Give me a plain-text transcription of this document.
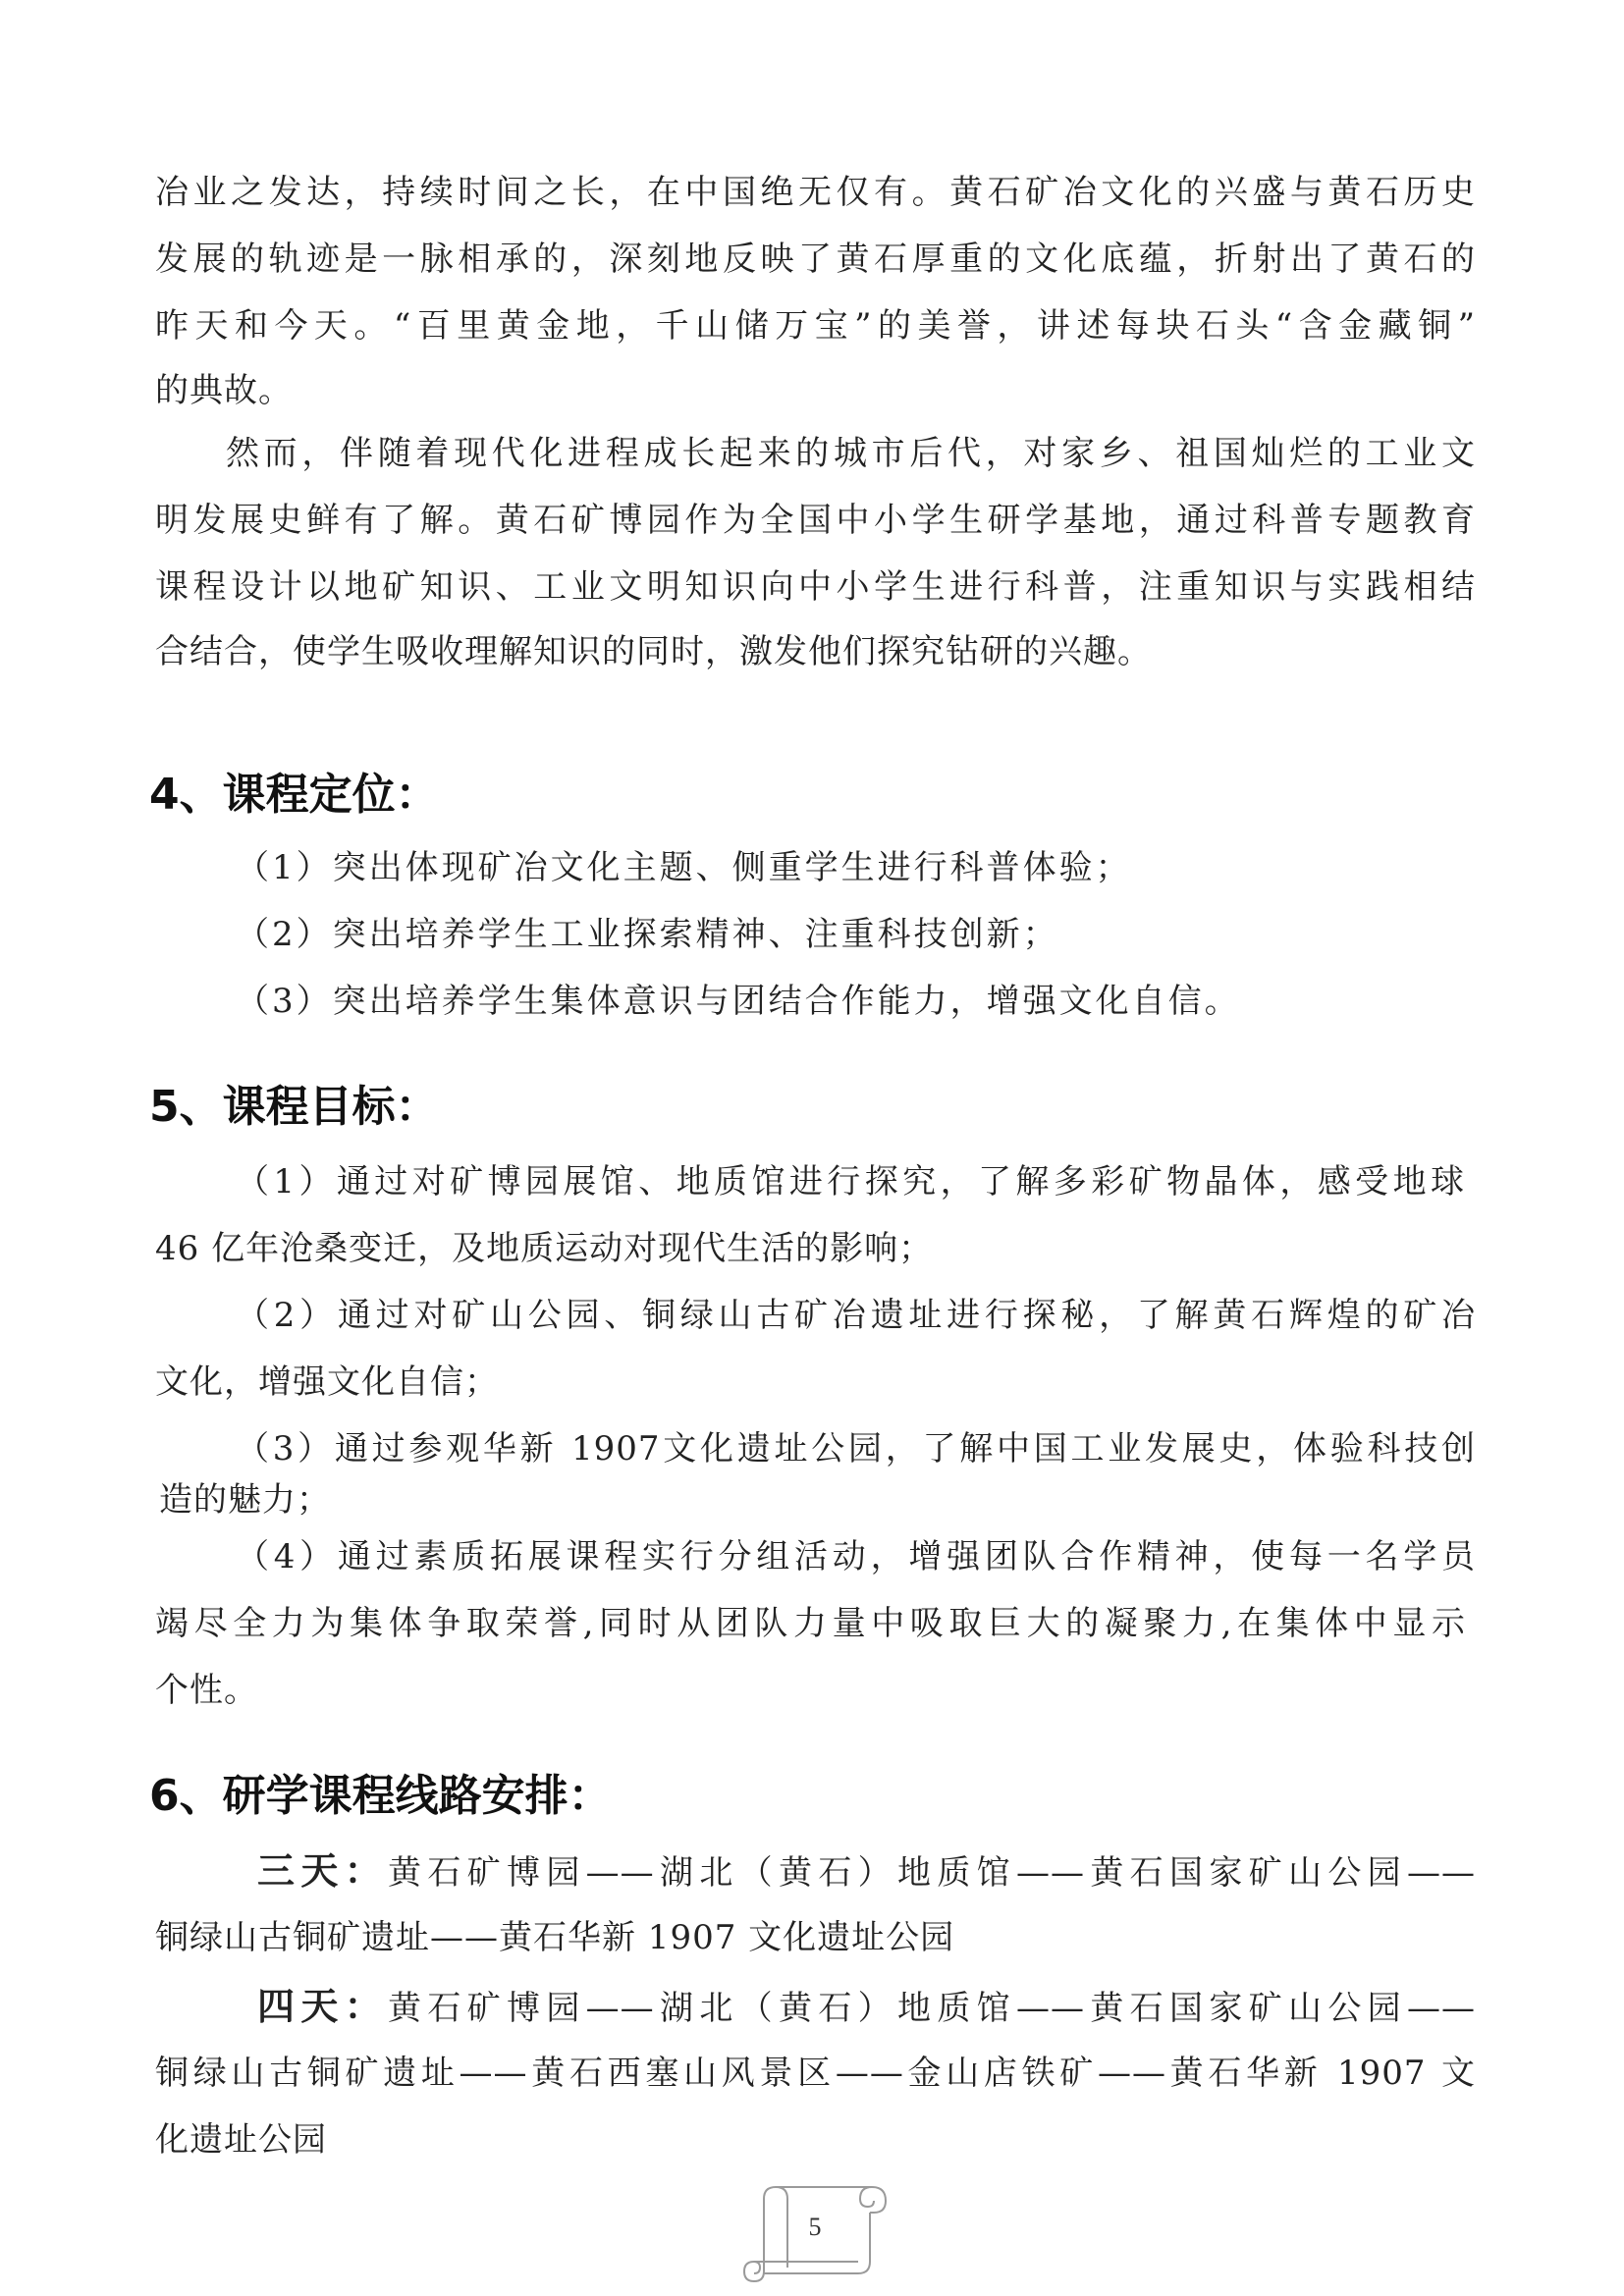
冶业之发达，持续时间之长，在中国绝无仅有。黄石矿冶文化的兴盛与黄石历史
发展的轨迹是一脉相承的，深刻地反映了黄石厚重的文化底蕴，折射出了黄石的
昨天和今天。“百里黄金地，千山储万宝”的美誉，讲述每块石头“含金藏铜”
的典故。
然而，伴随着现代化进程成长起来的城市后代，对家乡、祖国灿烂的工业文
明发展史鲜有了解。黄石矿博园作为全国中小学生研学基地，通过科普专题教育
课程设计以地矿知识、工业文明知识向中小学生进行科普，注重知识与实践相结
合结合，使学生吸收理解知识的同时，激发他们探究钻研的兴趣。
4、课程定位：
（1）突出体现矿冶文化主题、侧重学生进行科普体验；
（2）突出培养学生工业探索精神、注重科技创新；
（3）突出培养学生集体意识与团结合作能力，增强文化自信。
5、课程目标：
（1）通过对矿博园展馆、地质馆进行探究，了解多彩矿物晶体，感受地球
46 亿年沧桑变迁，及地质运动对现代生活的影响；
（2）通过对矿山公园、铜绿山古矿冶遗址进行探秘，了解黄石辉煌的矿冶
文化，增强文化自信；
（3）通过参观华新 1907文化遗址公园，了解中国工业发展史，体验科技创
造的魅力；
（4）通过素质拓展课程实行分组活动，增强团队合作精神，使每一名学员
竭尽全力为集体争取荣誉,同时从团队力量中吸取巨大的凝聚力,在集体中显示
个性。
6、研学课程线路安排：
三天：黄石矿博园——湖北（黄石）地质馆——黄石国家矿山公园——
铜绿山古铜矿遗址——黄石华新 1907 文化遗址公园
四天：黄石矿博园——湖北（黄石）地质馆——黄石国家矿山公园——
铜绿山古铜矿遗址——黄石西塞山风景区——金山店铁矿——黄石华新 1907 文
化遗址公园
5
